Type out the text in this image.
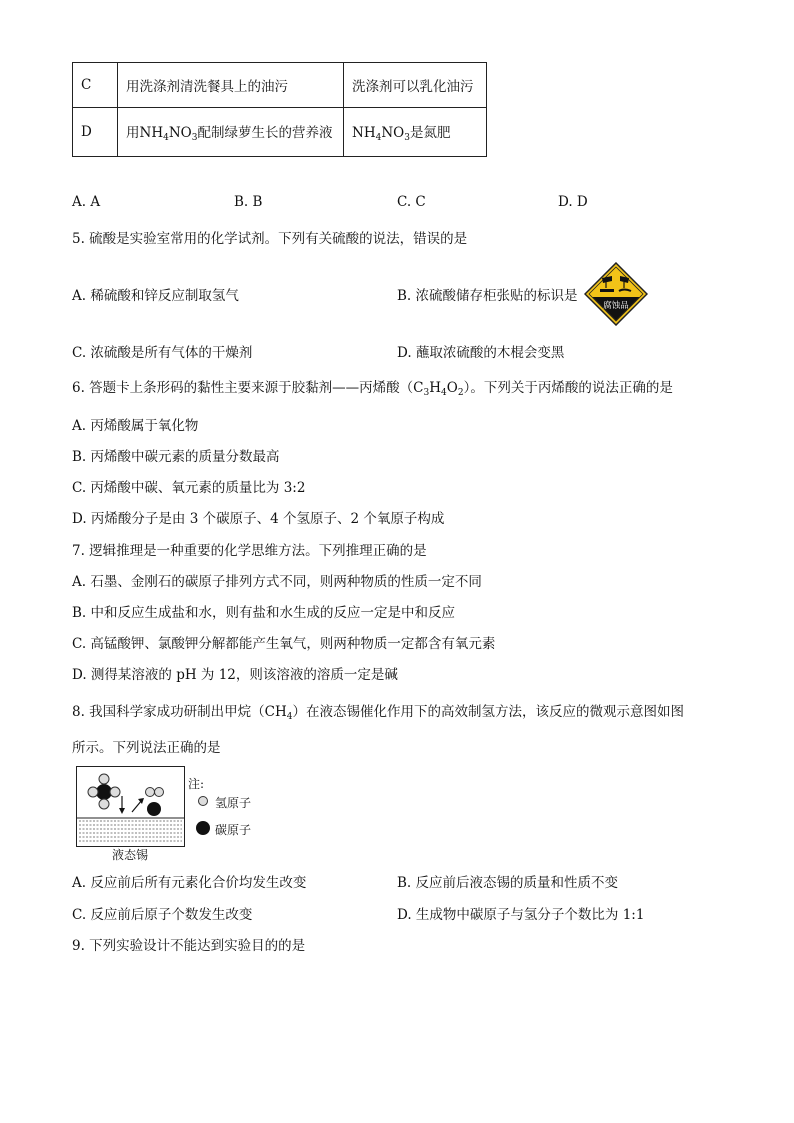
C	用洗涤剂清洗餐具上的油污	洗涤剂可以乳化油污
D	用$NH_4NO_3$配制绿萝生长的营养液	$NH_4NO_3$是氮肥
A. A	B. B	C. C	D. D
5. 硫酸是实验室常用的化学试剂。下列有关硫酸的说法，错误的是
A. 稀硫酸和锌反应制取氢气	B. 浓硫酸储存柜张贴的标识是
腐蚀品
C. 浓硫酸是所有气体的干燥剂	D. 蘸取浓硫酸的木棍会变黑
6. 答题卡上条形码的黏性主要来源于胶黏剂——丙烯酸$(C_3H_4O_2)$。下列关于丙烯酸的说法正确的是
A. 丙烯酸属于氧化物
B. 丙烯酸中碳元素的质量分数最高
C. 丙烯酸中碳、氧元素的质量比为 3:2
D. 丙烯酸分子是由 3 个碳原子、4 个氢原子、2 个氧原子构成
7. 逻辑推理是一种重要的化学思维方法。下列推理正确的是
A. 石墨、金刚石的碳原子排列方式不同，则两种物质的性质一定不同
B. 中和反应生成盐和水，则有盐和水生成的反应一定是中和反应
C. 高锰酸钾、氯酸钾分解都能产生氧气，则两种物质一定都含有氧元素
D. 测得某溶液的 pH 为 12，则该溶液的溶质一定是碱
8. 我国科学家成功研制出甲烷$(CH_4)$在液态锡催化作用下的高效制氢方法，该反应的微观示意图如图
所示。下列说法正确的是
注:
氢原子
碳原子
液态锡
A. 反应前后所有元素化合价均发生改变	B. 反应前后液态锡的质量和性质不变
C. 反应前后原子个数发生改变	D. 生成物中碳原子与氢分子个数比为 1:1
9. 下列实验设计不能达到实验目的的是
